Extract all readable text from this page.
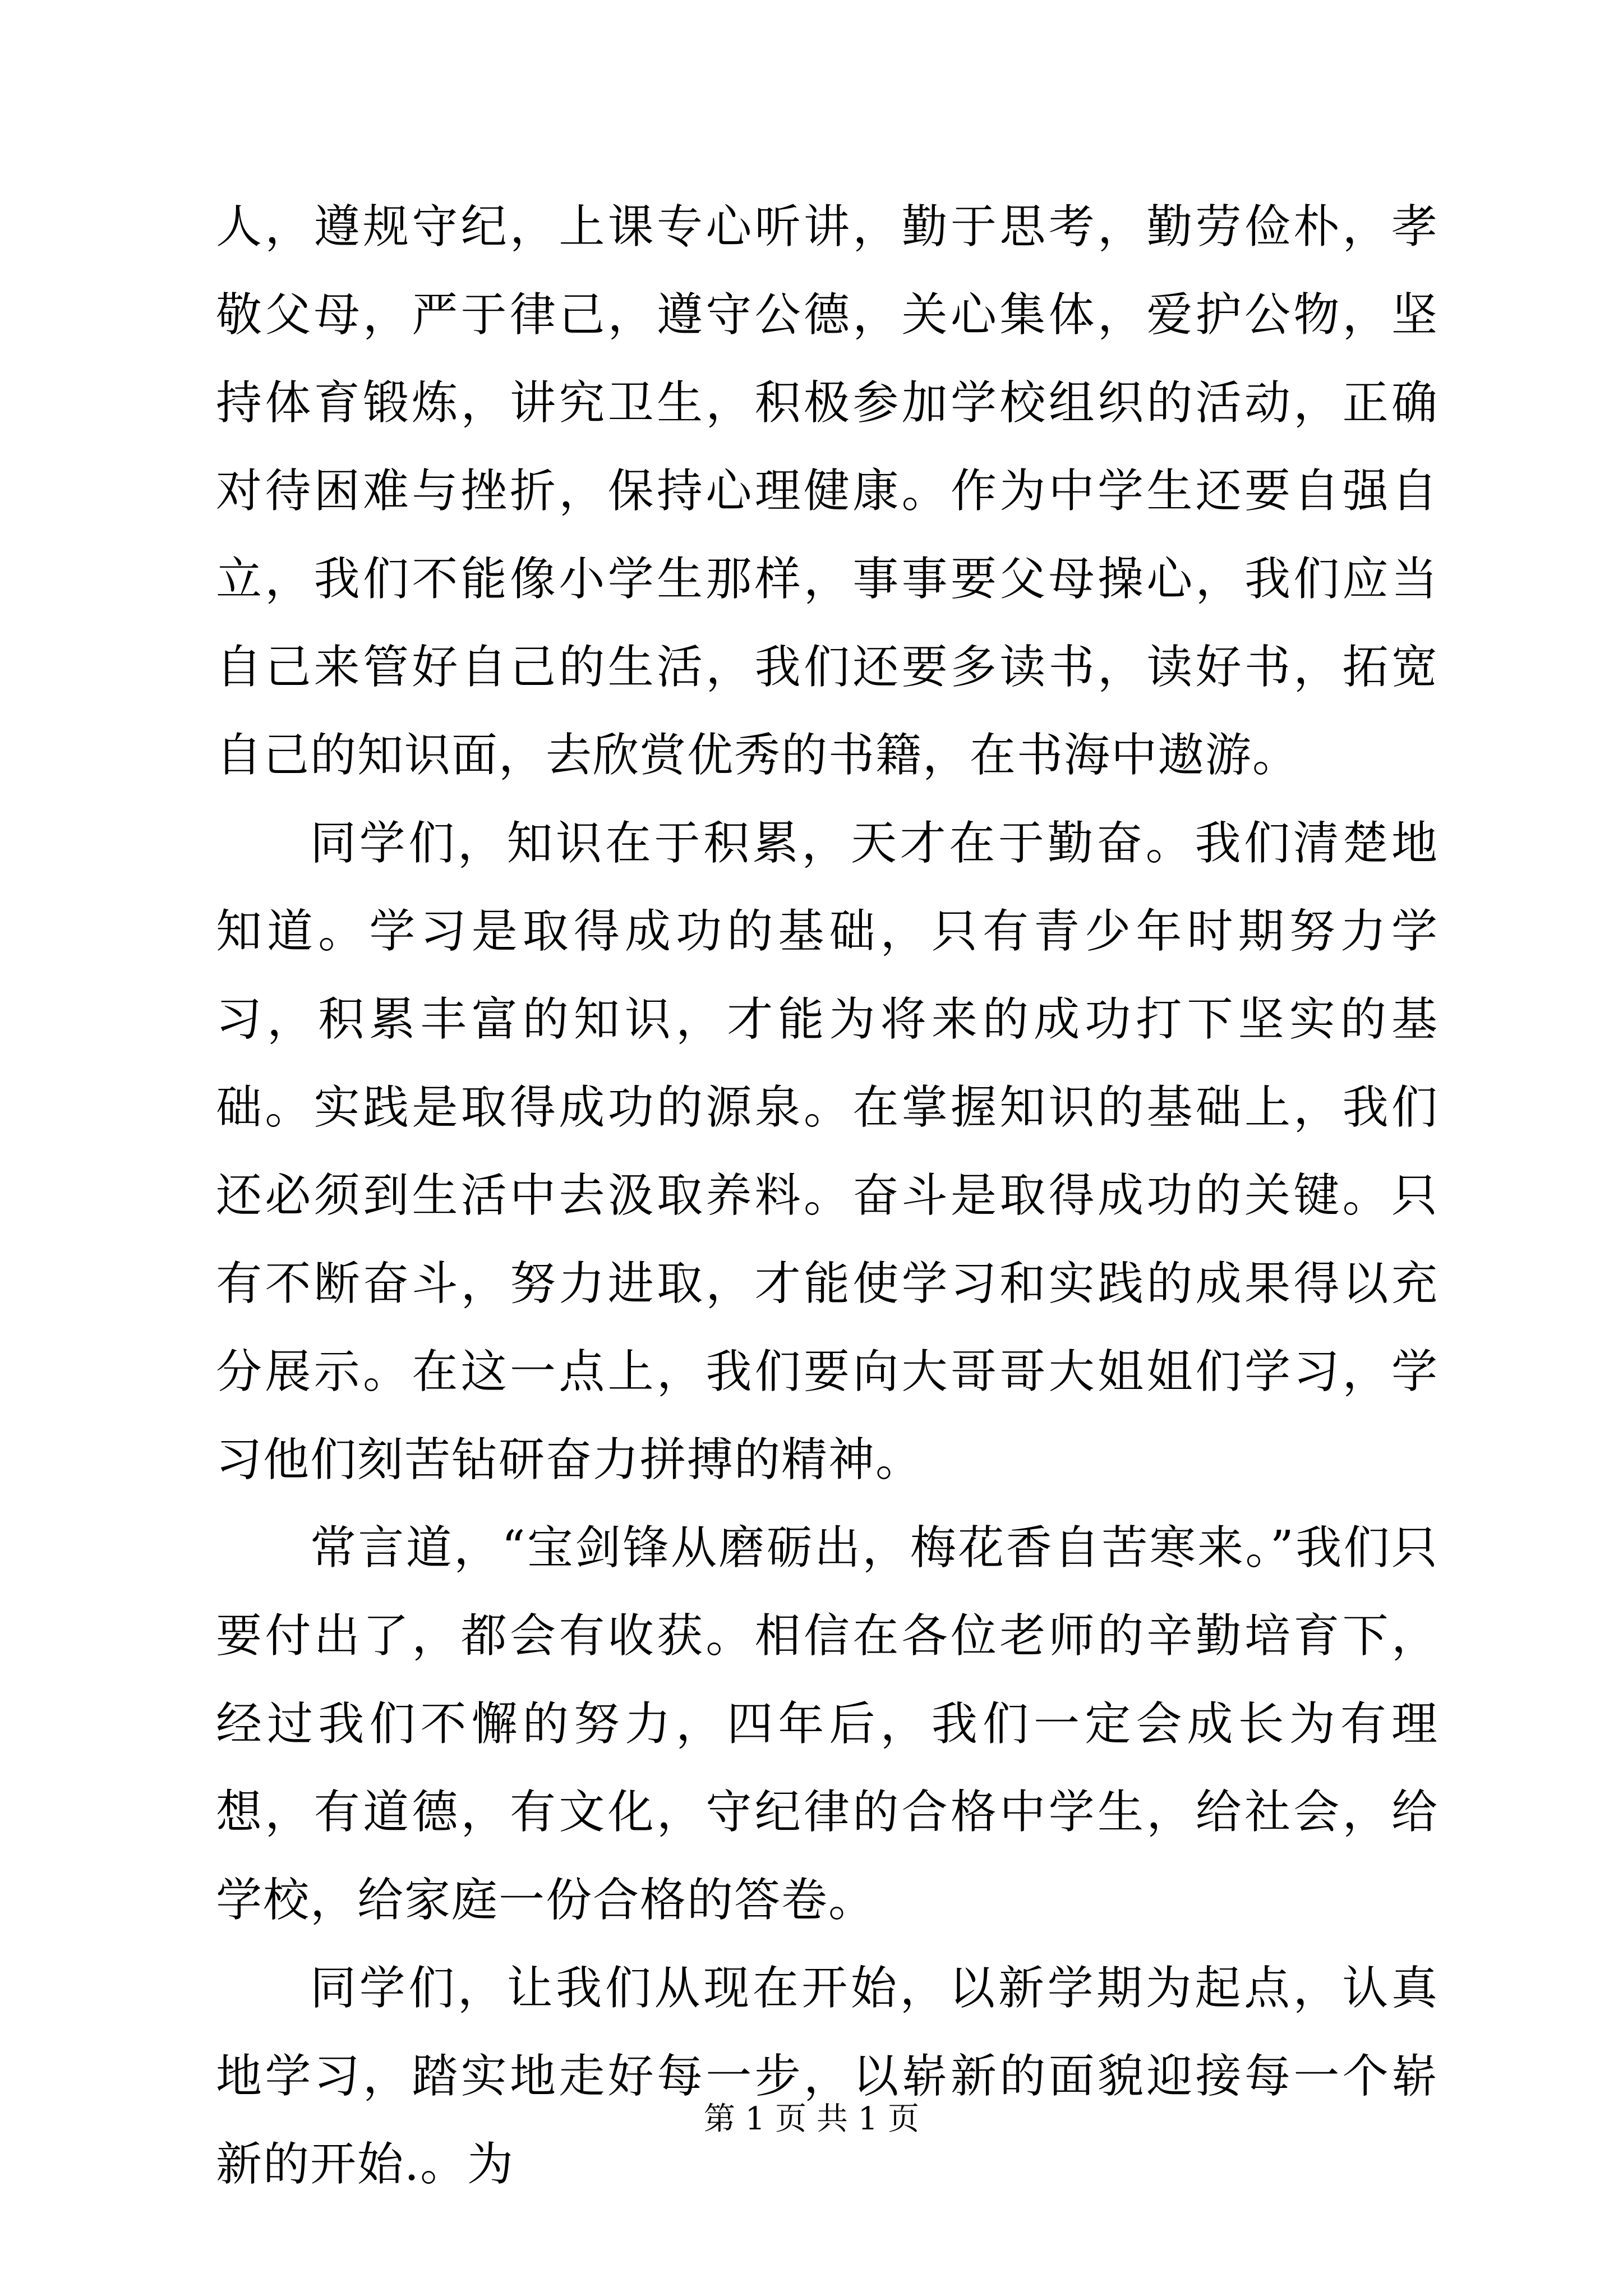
人，遵规守纪，上课专心听讲，勤于思考，勤劳俭朴，孝敬父母，严于律己，遵守公德，关心集体，爱护公物，坚持体育锻炼，讲究卫生，积极参加学校组织的活动，正确对待困难与挫折，保持心理健康。作为中学生还要自强自立，我们不能像小学生那样，事事要父母操心，我们应当自己来管好自己的生活，我们还要多读书，读好书，拓宽自己的知识面，去欣赏优秀的书籍，在书海中遨游。

同学们，知识在于积累，天才在于勤奋。我们清楚地知道。学习是取得成功的基础，只有青少年时期努力学习，积累丰富的知识，才能为将来的成功打下坚实的基础。实践是取得成功的源泉。在掌握知识的基础上，我们还必须到生活中去汲取养料。奋斗是取得成功的关键。只有不断奋斗，努力进取，才能使学习和实践的成果得以充分展示。在这一点上，我们要向大哥哥大姐姐们学习，学习他们刻苦钻研奋力拼搏的精神。

常言道，“宝剑锋从磨砺出，梅花香自苦寒来。”我们只要付出了，都会有收获。相信在各位老师的辛勤培育下，经过我们不懈的努力，四年后，我们一定会成长为有理想，有道德，有文化，守纪律的合格中学生，给社会，给学校，给家庭一份合格的答卷。

同学们，让我们从现在开始，以新学期为起点，认真地学习，踏实地走好每一步，以崭新的面貌迎接每一个崭新的开始.。为

第 1 页 共 1 页
